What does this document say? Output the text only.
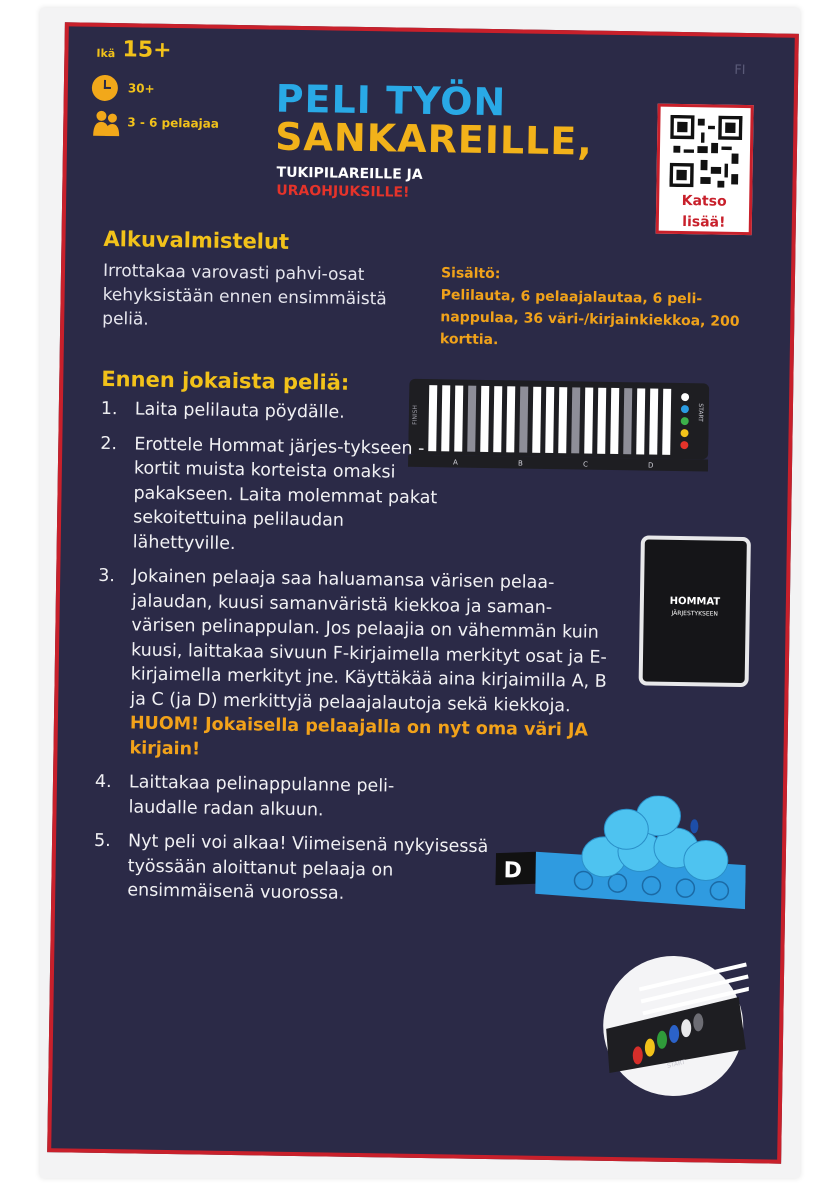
FI
Ikä 15+
30+
3 - 6 pelaajaa PELI TYÖN
SANKAREILLE,
TUKIPILAREILLE JA
URAOHJUKSILLE!
Katso
lisää!
Alkuvalmistelut
Irrottakaa varovasti pahvi-osat kehyksistään ennen ensimmäistä peliä.
Sisältö:
Pelilauta, 6 pelaajalautaa, 6 peli-nappulaa, 36 väri-/kirjainkiekkoa, 200 korttia.
Ennen jokaista peliä:
FINISH	START
A	B	C	D
HOMMAT
JÄRJESTYKSEEN
1. Laita pelilauta pöydälle.
2. Erottele Hommat järjes-tykseen -kortit muista korteista omaksi pakakseen. Laita molemmat pakat sekoitettuina pelilaudan lähettyville.
3. Jokainen pelaaja saa haluamansa värisen pelaa-jalaudan, kuusi samanväristä kiekkoa ja saman-värisen pelinappulan. Jos pelaajia on vähemmän kuin kuusi, laittakaa sivuun F-kirjaimella merkityt osat ja E-kirjaimella merkityt jne. Käyttäkää aina kirjaimilla A, B ja C (ja D) merkittyjä pelaajalautoja sekä kiekkoja. HUOM! Jokaisella pelaajalla on nyt oma väri JA kirjain!
4. Laittakaa pelinappulanne peli-laudalle radan alkuun.
5. Nyt peli voi alkaa! Viimeisenä nykyisessä työssään aloittanut pelaaja on ensimmäisenä vuorossa.
D
START
